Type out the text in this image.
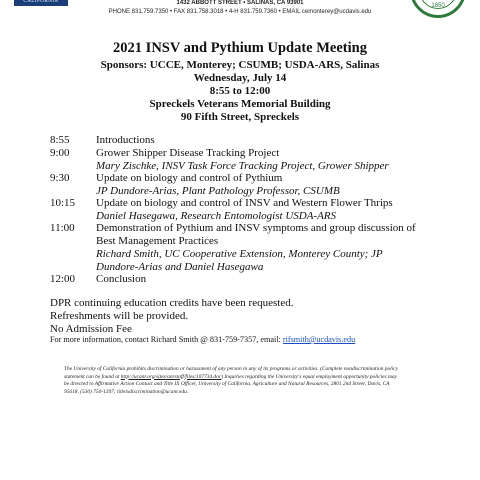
CALIFORNIA	1432 ABBOTT STREET • SALINAS, CA 93901
PHONE 831.759.7350 • FAX 831.758.3018 • 4-H 831.759.7360 • EMAIL cemonterey@ucdavis.edu
1850
2021 INSV and Pythium Update Meeting
Sponsors: UCCE, Monterey; CSUMB; USDA-ARS, Salinas
Wednesday, July 14
8:55 to 12:00
Spreckels Veterans Memorial Building
90 Fifth Street, Spreckels
8:55 Introductions
9:00 Grower Shipper Disease Tracking Project
Mary Zischke, INSV Task Force Tracking Project, Grower Shipper
9:30 Update on biology and control of Pythium
JP Dundore-Arias, Plant Pathology Professor, CSUMB
10:15 Update on biology and control of INSV and Western Flower Thrips
Daniel Hasegawa, Research Entomologist USDA-ARS
11:00 Demonstration of Pythium and INSV symptoms and group discussion of
Best Management Practices
Richard Smith, UC Cooperative Extension, Monterey County; JP
Dundore-Arias and Daniel Hasegawa
12:00 Conclusion
DPR continuing education credits have been requested.
Refreshments will be provided.
No Admission Fee
For more information, contact Richard Smith @ 831-759-7357, email: rifsmith@ucdavis.edu
The University of California prohibits discrimination or harassment of any person in any of its programs or activities. (Complete nondiscrimination policy statement can be found at http://ucanr.org/sites/anrstaff/files/107734.doc) Inquiries regarding the University's equal employment opportunity policies may be directed to Affirmative Action Contact and Title IX Officer, University of California, Agriculture and Natural Resources, 2801 2nd Street, Davis, CA 95618, (530) 750-1397; titleixdiscrimination@ucanr.edu.
